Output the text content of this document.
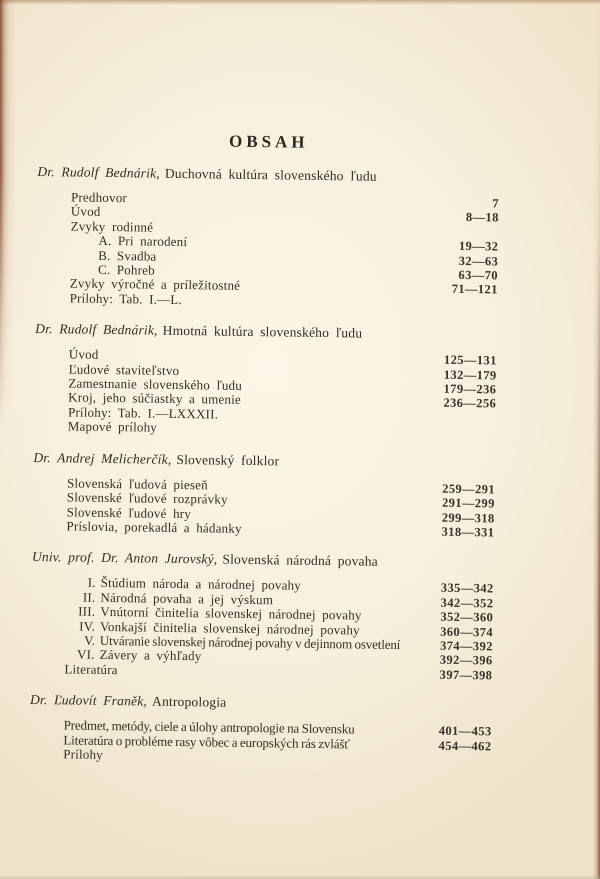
OBSAH
Dr. Rudolf Bednárik, Duchovná kultúra slovenského ľudu
Predhovor	7
Úvod	8—18
Zvyky rodinné
A. Pri narodení	19—32
B. Svadba	32—63
C. Pohreb	63—70
Zvyky výročné a príležitostné	71—121
Prílohy: Tab. I.—L.
Dr. Rudolf Bednárik, Hmotná kultúra slovenského ľudu
Úvod	125—131
Ľudové staviteľstvo	132—179
Zamestnanie slovenského ľudu	179—236
Kroj, jeho súčiastky a umenie	236—256
Prílohy: Tab. I.—LXXXII.
Mapové prílohy
Dr. Andrej Melicherčík, Slovenský folklor
Slovenská ľudová pieseň	259—291
Slovenské ľudové rozprávky	291—299
Slovenské ľudové hry	299—318
Príslovia, porekadlá a hádanky	318—331
Univ. prof. Dr. Anton Jurovský, Slovenská národná povaha
I. Štúdium národa a národnej povahy	335—342
II. Národná povaha a jej výskum	342—352
III. Vnútorní činitelia slovenskej národnej povahy	352—360
IV. Vonkajší činitelia slovenskej národnej povahy	360—374
V. Utváranie slovenskej národnej povahy v dejinnom osvetlení	374—392
VI. Závery a výhľady	392—396
Literatúra	397—398
Dr. Ľudovít Franěk, Antropologia
Predmet, metódy, ciele a úlohy antropologie na Slovensku	401—453
Literatúra o probléme rasy vôbec a europských rás zvlášť	454—462
Prílohy
